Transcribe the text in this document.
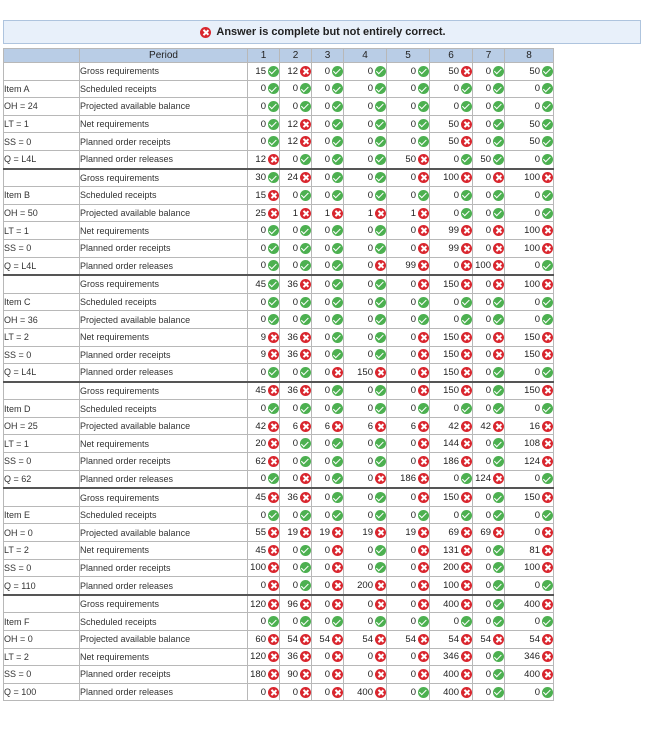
Answer is complete but not entirely correct.
	Period	1	2	3	4	5	6	7	8
	Gross requirements	15	12	0	0	0	50	0	50
Item A	Scheduled receipts	0	0	0	0	0	0	0	0
OH = 24	Projected available balance	0	0	0	0	0	0	0	0
LT = 1	Net requirements	0	12	0	0	0	50	0	50
SS = 0	Planned order receipts	0	12	0	0	0	50	0	50
Q = L4L	Planned order releases	12	0	0	0	50	0	50	0
	Gross requirements	30	24	0	0	0	100	0	100
Item B	Scheduled receipts	15	0	0	0	0	0	0	0
OH = 50	Projected available balance	25	1	1	1	1	0	0	0
LT = 1	Net requirements	0	0	0	0	0	99	0	100
SS = 0	Planned order receipts	0	0	0	0	0	99	0	100
Q = L4L	Planned order releases	0	0	0	0	99	0	100	0
	Gross requirements	45	36	0	0	0	150	0	100
Item C	Scheduled receipts	0	0	0	0	0	0	0	0
OH = 36	Projected available balance	0	0	0	0	0	0	0	0
LT = 2	Net requirements	9	36	0	0	0	150	0	150
SS = 0	Planned order receipts	9	36	0	0	0	150	0	150
Q = L4L	Planned order releases	0	0	0	150	0	150	0	0
	Gross requirements	45	36	0	0	0	150	0	150
Item D	Scheduled receipts	0	0	0	0	0	0	0	0
OH = 25	Projected available balance	42	6	6	6	6	42	42	16
LT = 1	Net requirements	20	0	0	0	0	144	0	108
SS = 0	Planned order receipts	62	0	0	0	0	186	0	124
Q = 62	Planned order releases	0	0	0	0	186	0	124	0
	Gross requirements	45	36	0	0	0	150	0	150
Item E	Scheduled receipts	0	0	0	0	0	0	0	0
OH = 0	Projected available balance	55	19	19	19	19	69	69	0
LT = 2	Net requirements	45	0	0	0	0	131	0	81
SS = 0	Planned order receipts	100	0	0	0	0	200	0	100
Q = 110	Planned order releases	0	0	0	200	0	100	0	0
	Gross requirements	120	96	0	0	0	400	0	400
Item F	Scheduled receipts	0	0	0	0	0	0	0	0
OH = 0	Projected available balance	60	54	54	54	54	54	54	54
LT = 2	Net requirements	120	36	0	0	0	346	0	346
SS = 0	Planned order receipts	180	90	0	0	0	400	0	400
Q = 100	Planned order releases	0	0	0	400	0	400	0	0
